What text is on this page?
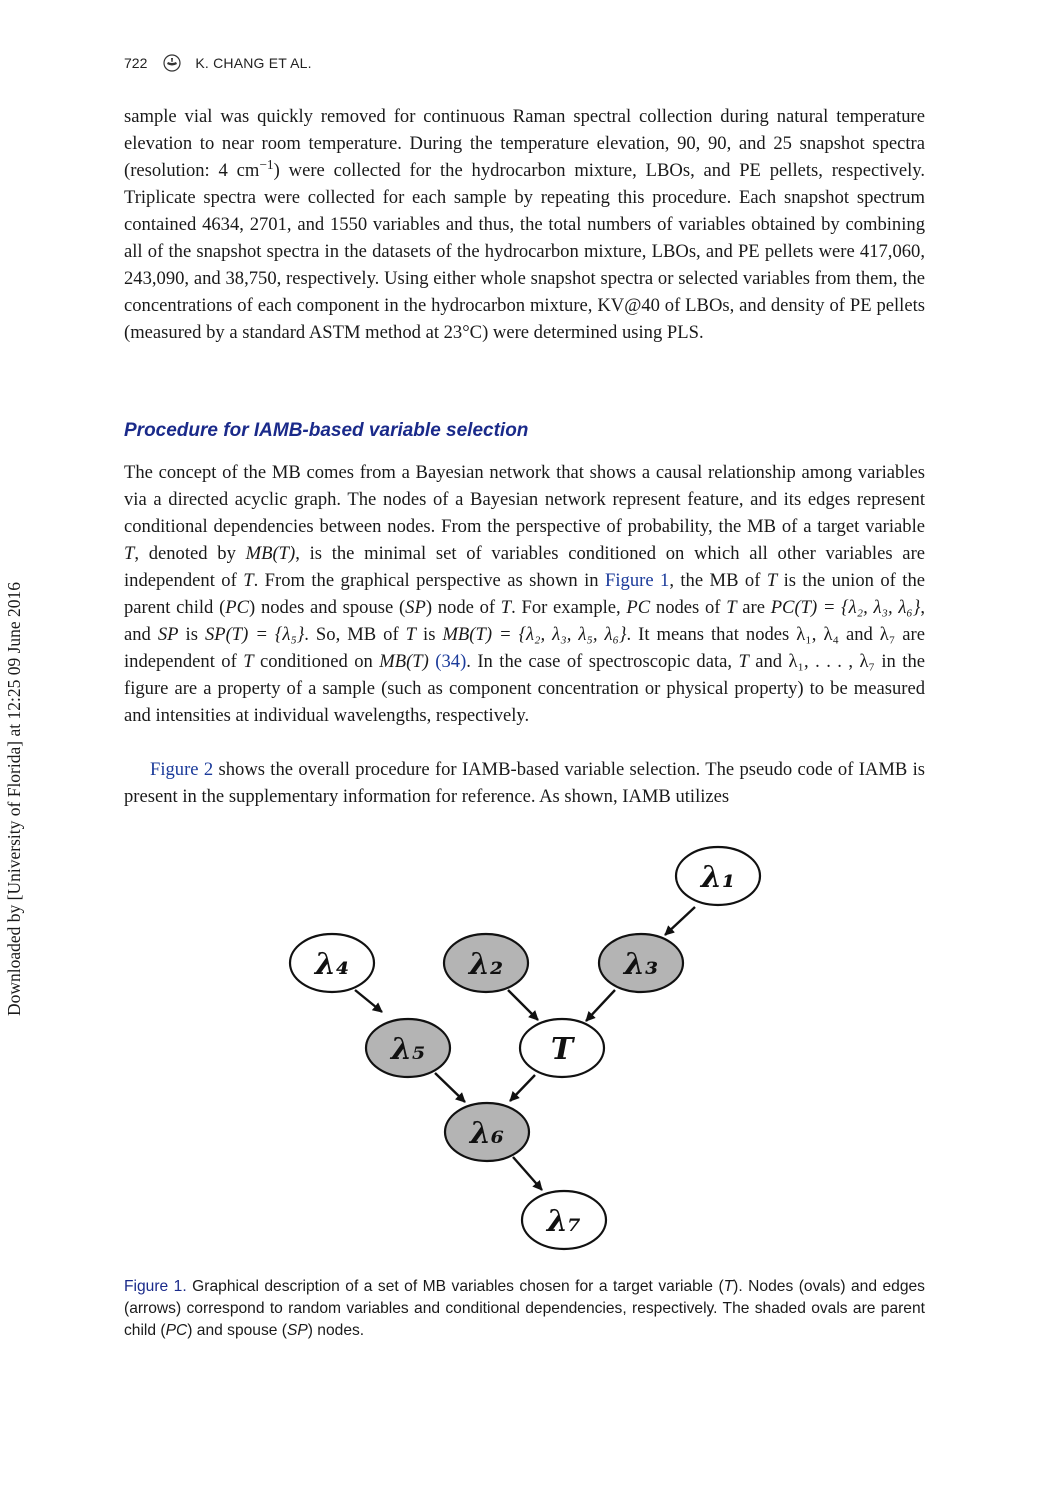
722	K. CHANG ET AL.
Downloaded by [University of Florida] at 12:25 09 June 2016

sample vial was quickly removed for continuous Raman spectral collection during natural temperature elevation to near room temperature. During the temperature elevation, 90, 90, and 25 snapshot spectra (resolution: 4 $cm^{-1}$) were collected for the hydrocarbon mixture, LBOs, and PE pellets, respectively. Triplicate spectra were collected for each sample by repeating this procedure. Each snapshot spectrum contained 4634, 2701, and 1550 variables and thus, the total numbers of variables obtained by combining all of the snapshot spectra in the datasets of the hydrocarbon mixture, LBOs, and PE pellets were 417,060, 243,090, and 38,750, respectively. Using either whole snapshot spectra or selected variables from them, the concentrations of each component in the hydrocarbon mixture, KV@40 of LBOs, and density of PE pellets (measured by a standard ASTM method at 23°C) were determined using PLS.

Procedure for IAMB-based variable selection

The concept of the MB comes from a Bayesian network that shows a causal relationship among variables via a directed acyclic graph. The nodes of a Bayesian network represent feature, and its edges represent conditional dependencies between nodes. From the perspective of probability, the MB of a target variable T, denoted by MB(T), is the minimal set of variables conditioned on which all other variables are independent of T. From the graphical perspective as shown in Figure 1, the MB of T is the union of the parent child (PC) nodes and spouse (SP) node of T. For example, PC nodes of T are PC(T) = {λ₂, λ₃, λ₆}, and SP is SP(T) = {λ₅}. So, MB of T is MB(T) = {λ₂, λ₃, λ₅, λ₆}. It means that nodes λ₁, λ₄ and λ₇ are independent of T conditioned on MB(T) (34). In the case of spectroscopic data, T and λ₁, . . . , λ₇ in the figure are a property of a sample (such as component concentration or physical property) to be measured and intensities at individual wavelengths, respectively.

Figure 2 shows the overall procedure for IAMB-based variable selection. The pseudo code of IAMB is present in the supplementary information for reference. As shown, IAMB utilizes

λ₁
λ₄	λ₂	λ₃
λ₅	T
λ₆
λ₇
Figure 1. Graphical description of a set of MB variables chosen for a target variable (T). Nodes (ovals) and edges (arrows) correspond to random variables and conditional dependencies, respectively. The shaded ovals are parent child (PC) and spouse (SP) nodes.
